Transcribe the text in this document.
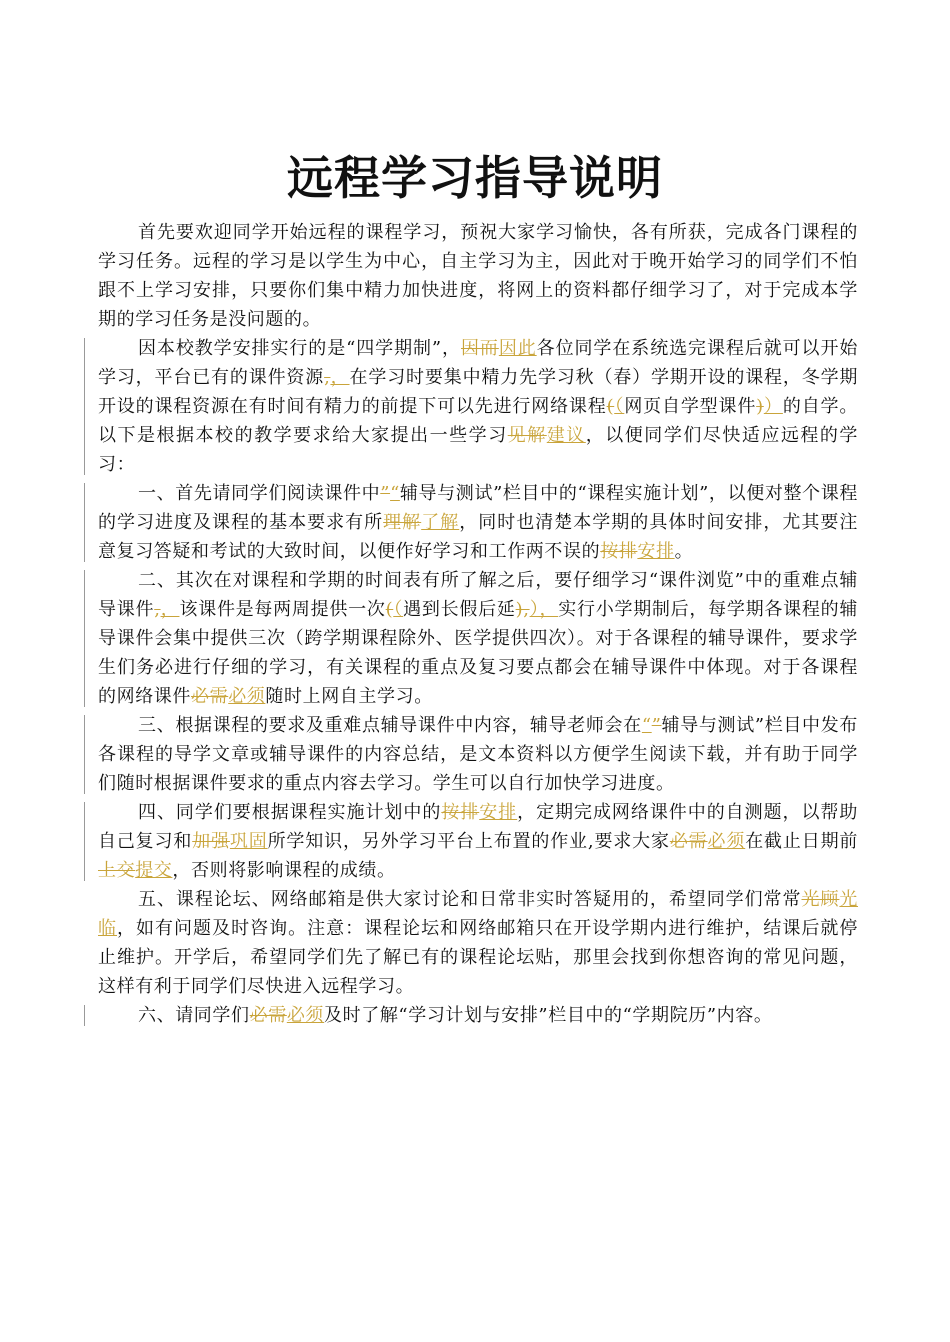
远程学习指导说明

首先要欢迎同学开始远程的课程学习，预祝大家学习愉快，各有所获，完成各门课程的学习任务。远程的学习是以学生为中心，自主学习为主，因此对于晚开始学习的同学们不怕跟不上学习安排，只要你们集中精力加快进度，将网上的资料都仔细学习了，对于完成本学期的学习任务是没问题的。

因本校教学安排实行的是“四学期制”，因而因此各位同学在系统选完课程后就可以开始学习，平台已有的课件资源,，在学习时要集中精力先学习秋（春）学期开设的课程，冬学期开设的课程资源在有时间有精力的前提下可以先进行网络课程(（网页自学型课件)）的自学。以下是根据本校的教学要求给大家提出一些学习见解建议，以便同学们尽快适应远程的学习：

一、首先请同学们阅读课件中”“辅导与测试”栏目中的“课程实施计划”，以便对整个课程的学习进度及课程的基本要求有所理解了解，同时也清楚本学期的具体时间安排，尤其要注意复习答疑和考试的大致时间，以便作好学习和工作两不误的按排安排。

二、其次在对课程和学期的时间表有所了解之后，要仔细学习“课件浏览”中的重难点辅导课件,，该课件是每两周提供一次(（遇到长假后延),），实行小学期制后，每学期各课程的辅导课件会集中提供三次（跨学期课程除外、医学提供四次）。对于各课程的辅导课件，要求学生们务必进行仔细的学习，有关课程的重点及复习要点都会在辅导课件中体现。对于各课程的网络课件必需必须随时上网自主学习。

三、根据课程的要求及重难点辅导课件中内容，辅导老师会在“”辅导与测试”栏目中发布各课程的导学文章或辅导课件的内容总结，是文本资料以方便学生阅读下载，并有助于同学们随时根据课件要求的重点内容去学习。学生可以自行加快学习进度。

四、同学们要根据课程实施计划中的按排安排，定期完成网络课件中的自测题，以帮助自己复习和加强巩固所学知识，另外学习平台上布置的作业,要求大家必需必须在截止日期前上交提交，否则将影响课程的成绩。

五、课程论坛、网络邮箱是供大家讨论和日常非实时答疑用的，希望同学们常常光顾光临，如有问题及时咨询。注意：课程论坛和网络邮箱只在开设学期内进行维护，结课后就停止维护。开学后，希望同学们先了解已有的课程论坛贴，那里会找到你想咨询的常见问题，这样有利于同学们尽快进入远程学习。

六、请同学们必需必须及时了解“学习计划与安排”栏目中的“学期院历”内容。
